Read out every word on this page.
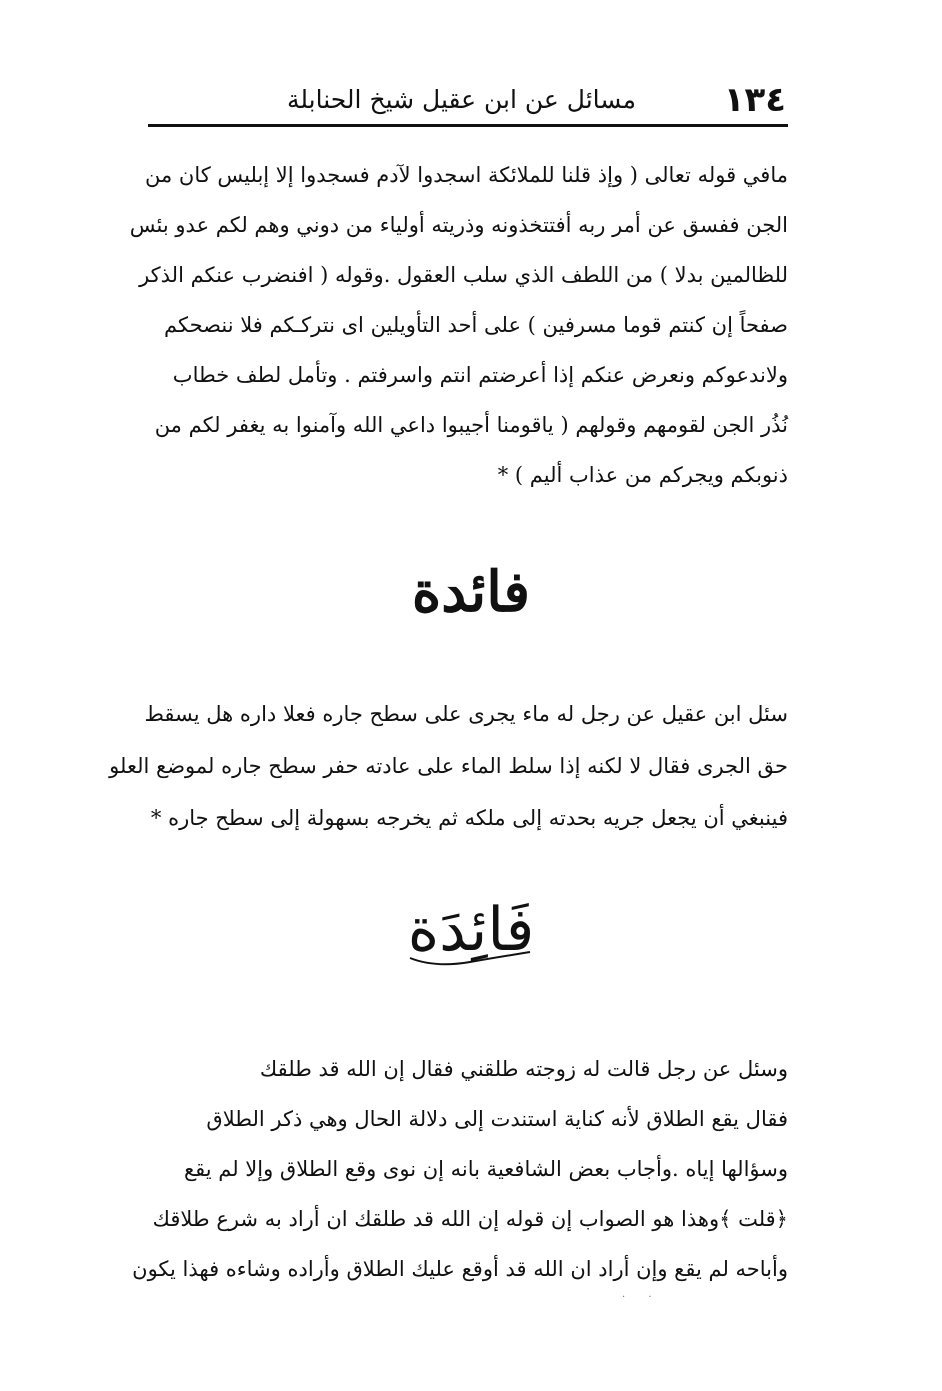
١٣٤
مسائل عن ابن عقيل شيخ الحنابلة
مافي قوله تعالى ( وإذ قلنا للملائكة اسجدوا لآدم فسجدوا إلا إبليس كان من
الجن ففسق عن أمر ربه أفتتخذونه وذريته أولياء من دوني وهم لكم عدو بئس
للظالمين بدلا ) من اللطف الذي سلب العقول .وقوله ( افنضرب عنكم الذكر
صفحاً إن كنتم قوما مسرفين ) على أحد التأويلين اى نتركـكم فلا ننصحكم
ولاندعوكم ونعرض عنكم إذا أعرضتم انتم واسرفتم . وتأمل لطف خطاب
نُذُر الجن لقومهم وقولهم ( ياقومنا أجيبوا داعي الله وآمنوا به يغفر لكم من
ذنوبكم ويجركم من عذاب أليم ) *
فائدة
سئل ابن عقيل عن رجل له ماء يجرى على سطح جاره فعلا داره هل يسقط
حق الجرى فقال لا لكنه إذا سلط الماء على عادته حفر سطح جاره لموضع العلو
فينبغي أن يجعل جريه بحدته إلى ملكه ثم يخرجه بسهولة إلى سطح جاره *
فَائِدَة
وسئل عن رجل قالت له زوجته طلقني فقال إن الله قد طلقك
فقال يقع الطلاق لأنه كناية استندت إلى دلالة الحال وهي ذكر الطلاق
وسؤالها إياه .وأجاب بعض الشافعية بانه إن نوى وقع الطلاق وإلا لم يقع
﴿قلت ﴾وهذا هو الصواب إن قوله إن الله قد طلقك ان أراد به شرع طلاقك
وأباحه لم يقع وإن أراد ان الله قد أوقع عليك الطلاق وأراده وشاءه فهذا يكون
· ·
